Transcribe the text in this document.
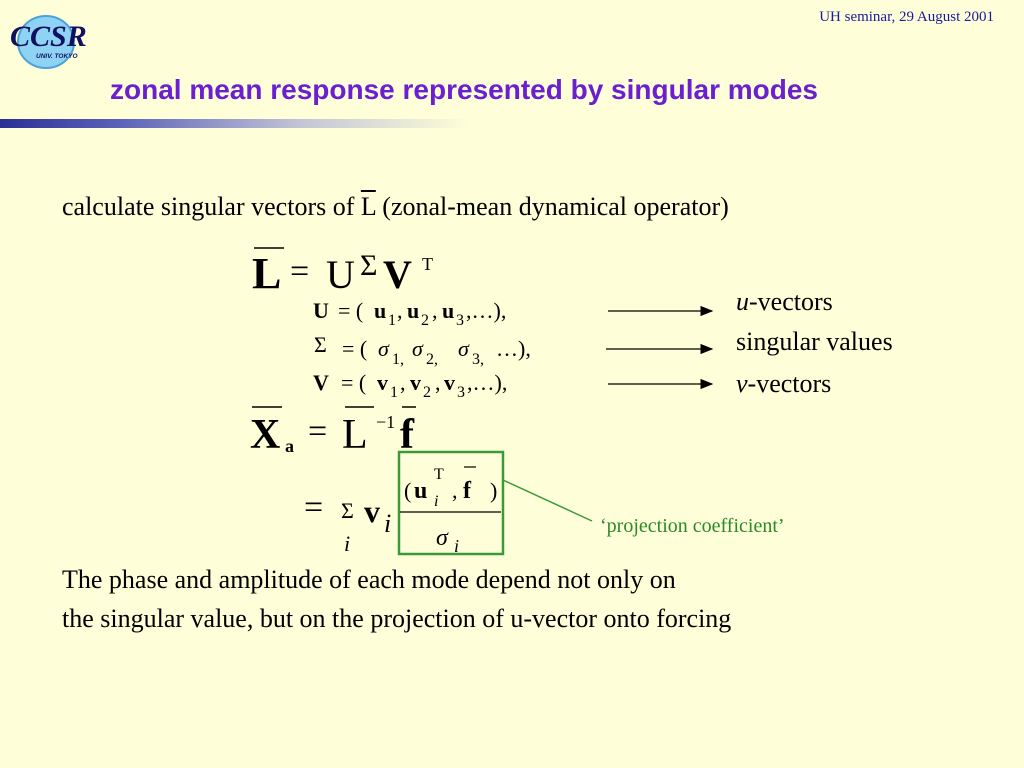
CCSR
UNIV. TOKYO
UH seminar, 29 August 2001
zonal mean response represented by singular modes
calculate singular vectors of $\overline{L}$ (zonal-mean dynamical operator)
L = U Σ V T
U = ( u 1 , u 2 , u 3 ,…),
Σ = ( σ 1, σ 2, σ 3, …),
V = ( v 1 , v 2 , v 3 ,…),
X a = L −1 f
= Σ
i
v i
( u
T
i , f )
σ i
u-vectors
singular values
v-vectors
‘projection coefficient’
The phase and amplitude of each mode depend not only on
the singular value, but on the projection of u-vector onto forcing
